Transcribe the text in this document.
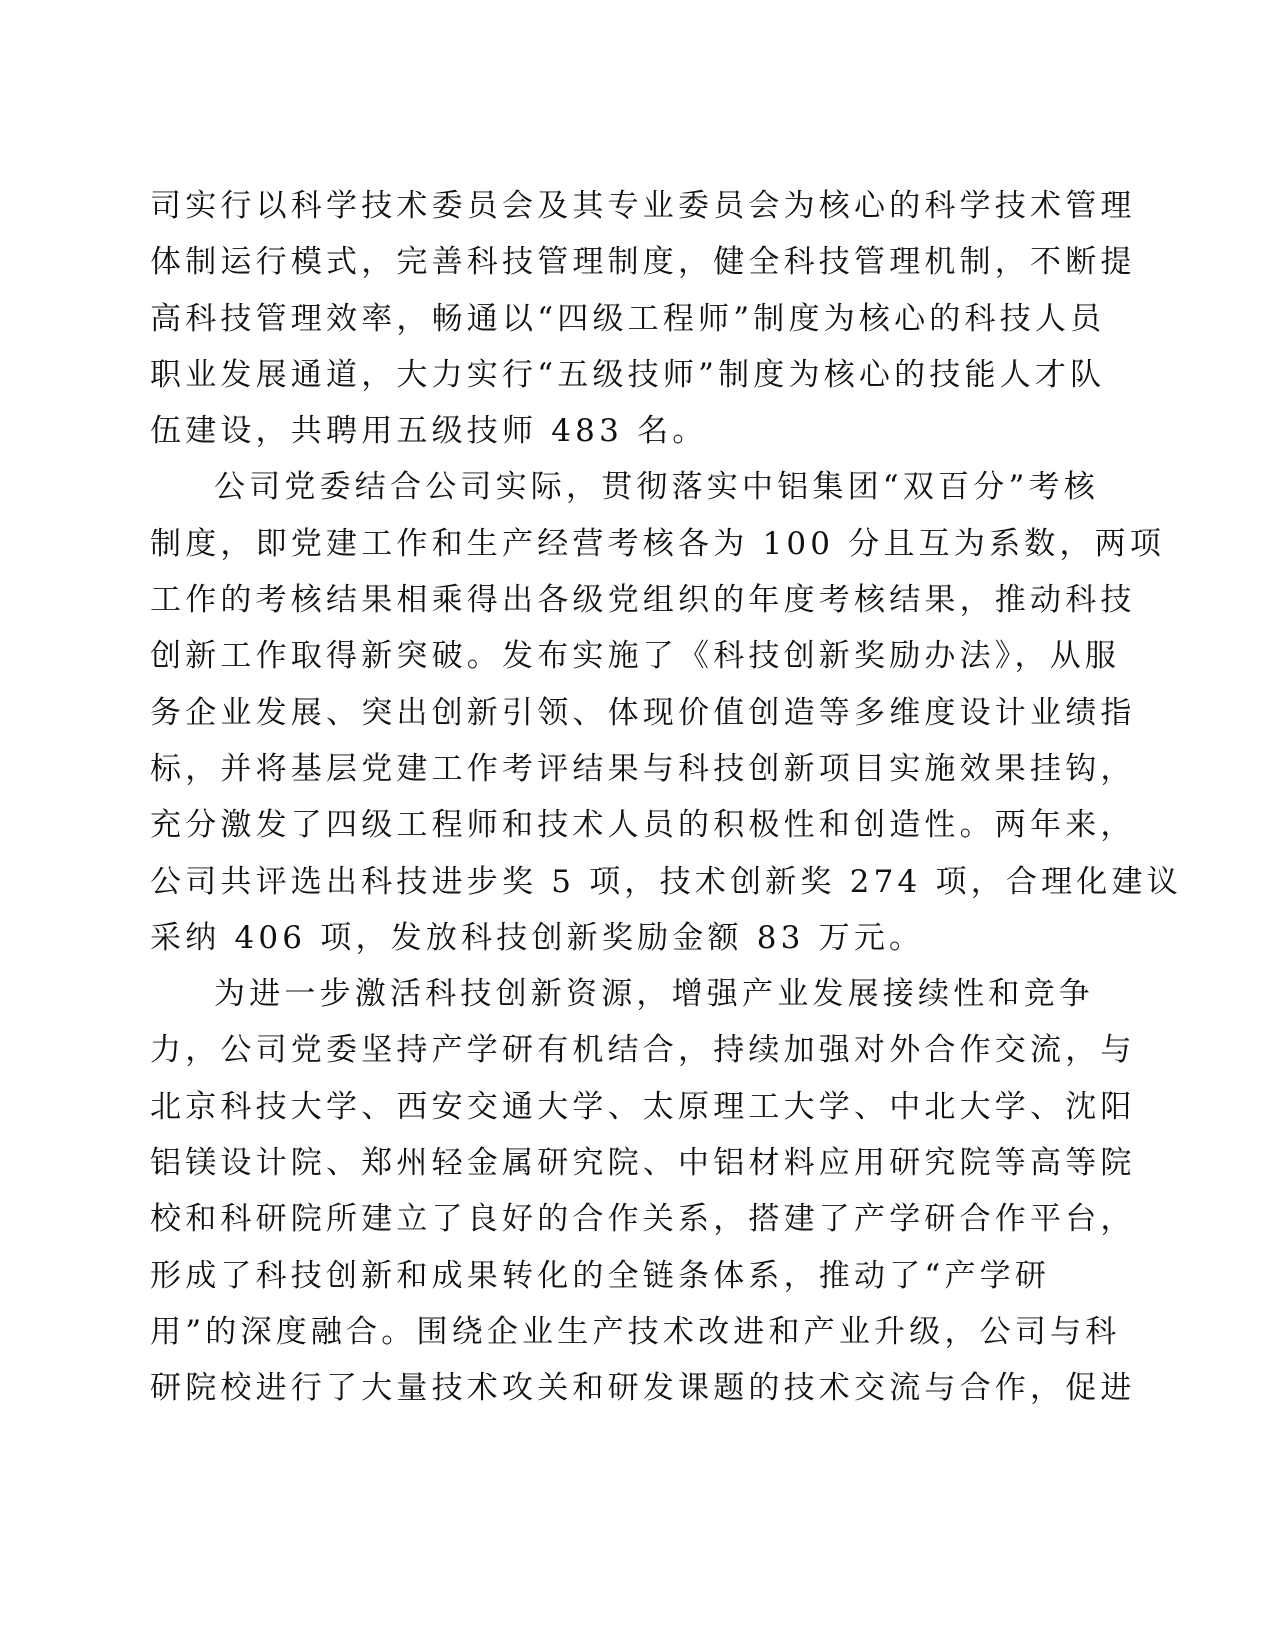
司实行以科学技术委员会及其专业委员会为核心的科学技术管理
体制运行模式，完善科技管理制度，健全科技管理机制，不断提
高科技管理效率，畅通以“四级工程师”制度为核心的科技人员
职业发展通道，大力实行“五级技师”制度为核心的技能人才队
伍建设，共聘用五级技师 483 名。
公司党委结合公司实际，贯彻落实中铝集团“双百分”考核
制度，即党建工作和生产经营考核各为 100 分且互为系数，两项
工作的考核结果相乘得出各级党组织的年度考核结果，推动科技
创新工作取得新突破。发布实施了《科技创新奖励办法》，从服
务企业发展、突出创新引领、体现价值创造等多维度设计业绩指
标，并将基层党建工作考评结果与科技创新项目实施效果挂钩，
充分激发了四级工程师和技术人员的积极性和创造性。两年来，
公司共评选出科技进步奖 5 项，技术创新奖 274 项，合理化建议
采纳 406 项，发放科技创新奖励金额 83 万元。
为进一步激活科技创新资源，增强产业发展接续性和竞争
力，公司党委坚持产学研有机结合，持续加强对外合作交流，与
北京科技大学、西安交通大学、太原理工大学、中北大学、沈阳
铝镁设计院、郑州轻金属研究院、中铝材料应用研究院等高等院
校和科研院所建立了良好的合作关系，搭建了产学研合作平台，
形成了科技创新和成果转化的全链条体系，推动了“产学研
用”的深度融合。围绕企业生产技术改进和产业升级，公司与科
研院校进行了大量技术攻关和研发课题的技术交流与合作，促进
